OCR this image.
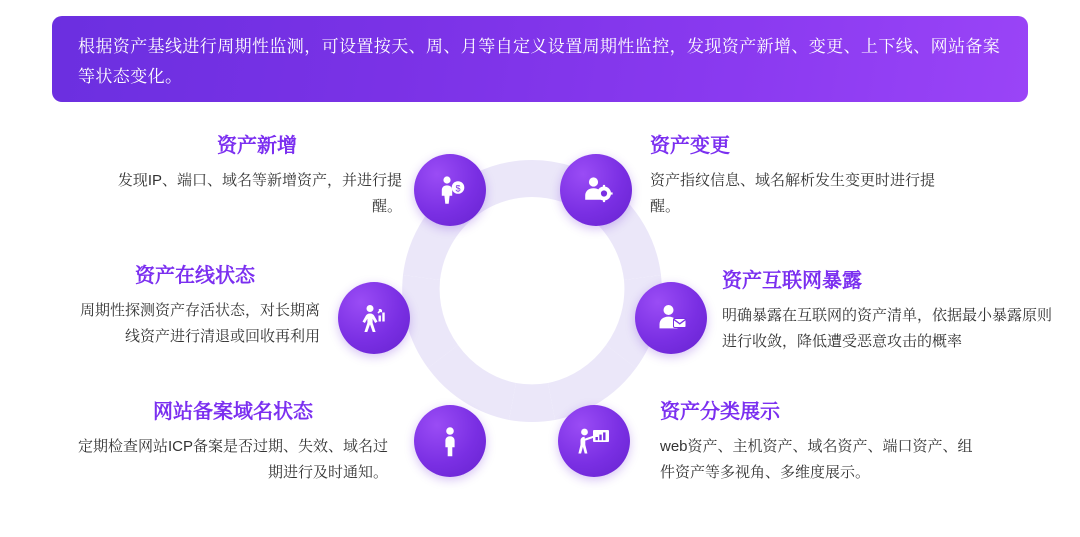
根据资产基线进行周期性监测，可设置按天、周、月等自定义设置周期性监控，发现资产新增、变更、上下线、网站备案等状态变化。
$
资产新增
发现IP、端口、域名等新增资产，并进行提醒。
资产在线状态
周期性探测资产存活状态，对长期离线资产进行清退或回收再利用
网站备案域名状态
定期检查网站ICP备案是否过期、失效、域名过期进行及时通知。
资产变更
资产指纹信息、域名解析发生变更时进行提醒。
资产互联网暴露
明确暴露在互联网的资产清单，依据最小暴露原则进行收敛，降低遭受恶意攻击的概率
资产分类展示
web资产、主机资产、域名资产、端口资产、组件资产等多视角、多维度展示。
